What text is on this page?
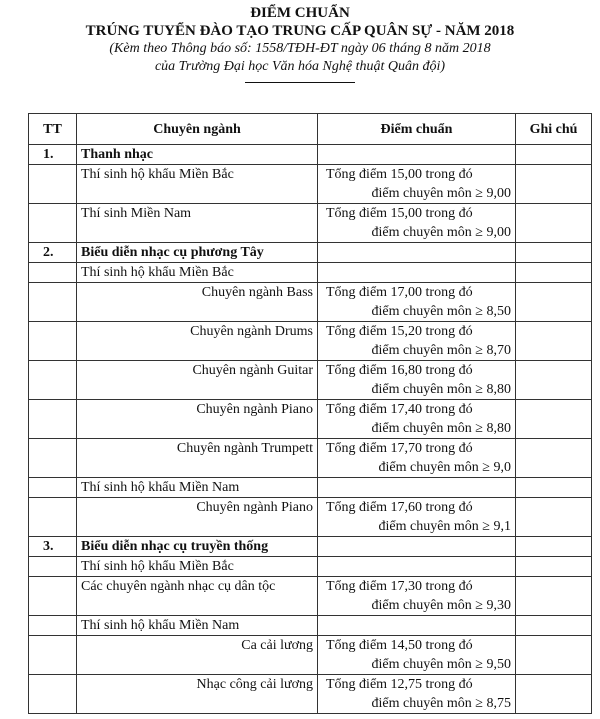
ĐIỂM CHUẨN
TRÚNG TUYỂN ĐÀO TẠO TRUNG CẤP QUÂN SỰ - NĂM 2018
(Kèm theo Thông báo số: 1558/TĐH-ĐT ngày 06 tháng 8 năm 2018
của Trường Đại học Văn hóa Nghệ thuật Quân đội)
TT	Chuyên ngành	Điểm chuẩn	Ghi chú
1.	Thanh nhạc		
	Thí sinh hộ khẩu Miền Bắc	Tổng điểm 15,00 trong đó
điểm chuyên môn ≥ 9,00	

	Thí sinh Miền Nam	Tổng điểm 15,00 trong đó
điểm chuyên môn ≥ 9,00	

2.	Biểu diễn nhạc cụ phương Tây		
	Thí sinh hộ khẩu Miền Bắc		
	Chuyên ngành Bass	Tổng điểm 17,00 trong đó
điểm chuyên môn ≥ 8,50	

	Chuyên ngành Drums	Tổng điểm 15,20 trong đó
điểm chuyên môn ≥ 8,70	

	Chuyên ngành Guitar	Tổng điểm 16,80 trong đó
điểm chuyên môn ≥ 8,80	

	Chuyên ngành Piano	Tổng điểm 17,40 trong đó
điểm chuyên môn ≥ 8,80	

	Chuyên ngành Trumpett	Tổng điểm 17,70 trong đó
điểm chuyên môn ≥ 9,0	

	Thí sinh hộ khẩu Miền Nam		
	Chuyên ngành Piano	Tổng điểm 17,60 trong đó
điểm chuyên môn ≥ 9,1	

3.	Biểu diễn nhạc cụ truyền thống		
	Thí sinh hộ khẩu Miền Bắc		
	Các chuyên ngành nhạc cụ dân tộc	Tổng điểm 17,30 trong đó
điểm chuyên môn ≥ 9,30	

	Thí sinh hộ khẩu Miền Nam		
	Ca cải lương	Tổng điểm 14,50 trong đó
điểm chuyên môn ≥ 9,50	

	Nhạc công cải lương	Tổng điểm 12,75 trong đó
điểm chuyên môn ≥ 8,75	
